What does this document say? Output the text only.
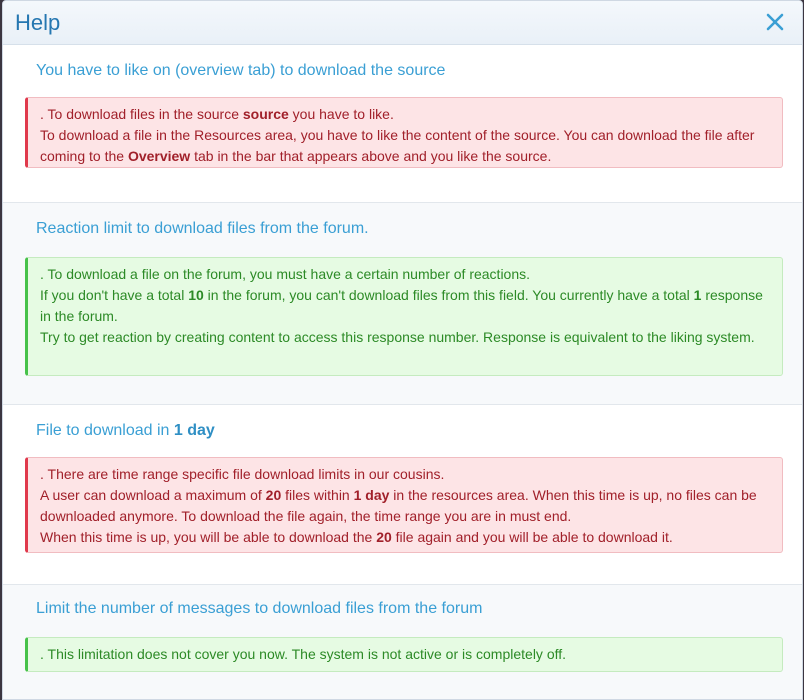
Help
You have to like on (overview tab) to download the source
. To download files in the source source you have to like.
To download a file in the Resources area, you have to like the content of the source. You can download the file after coming to the Overview tab in the bar that appears above and you like the source.
Reaction limit to download files from the forum.
. To download a file on the forum, you must have a certain number of reactions.
If you don't have a total 10 in the forum, you can't download files from this field. You currently have a total 1 response in the forum.
Try to get reaction by creating content to access this response number. Response is equivalent to the liking system.
File to download in 1 day
. There are time range specific file download limits in our cousins.
A user can download a maximum of 20 files within 1 day in the resources area. When this time is up, no files can be downloaded anymore. To download the file again, the time range you are in must end.
When this time is up, you will be able to download the 20 file again and you will be able to download it.
Limit the number of messages to download files from the forum
. This limitation does not cover you now. The system is not active or is completely off.
